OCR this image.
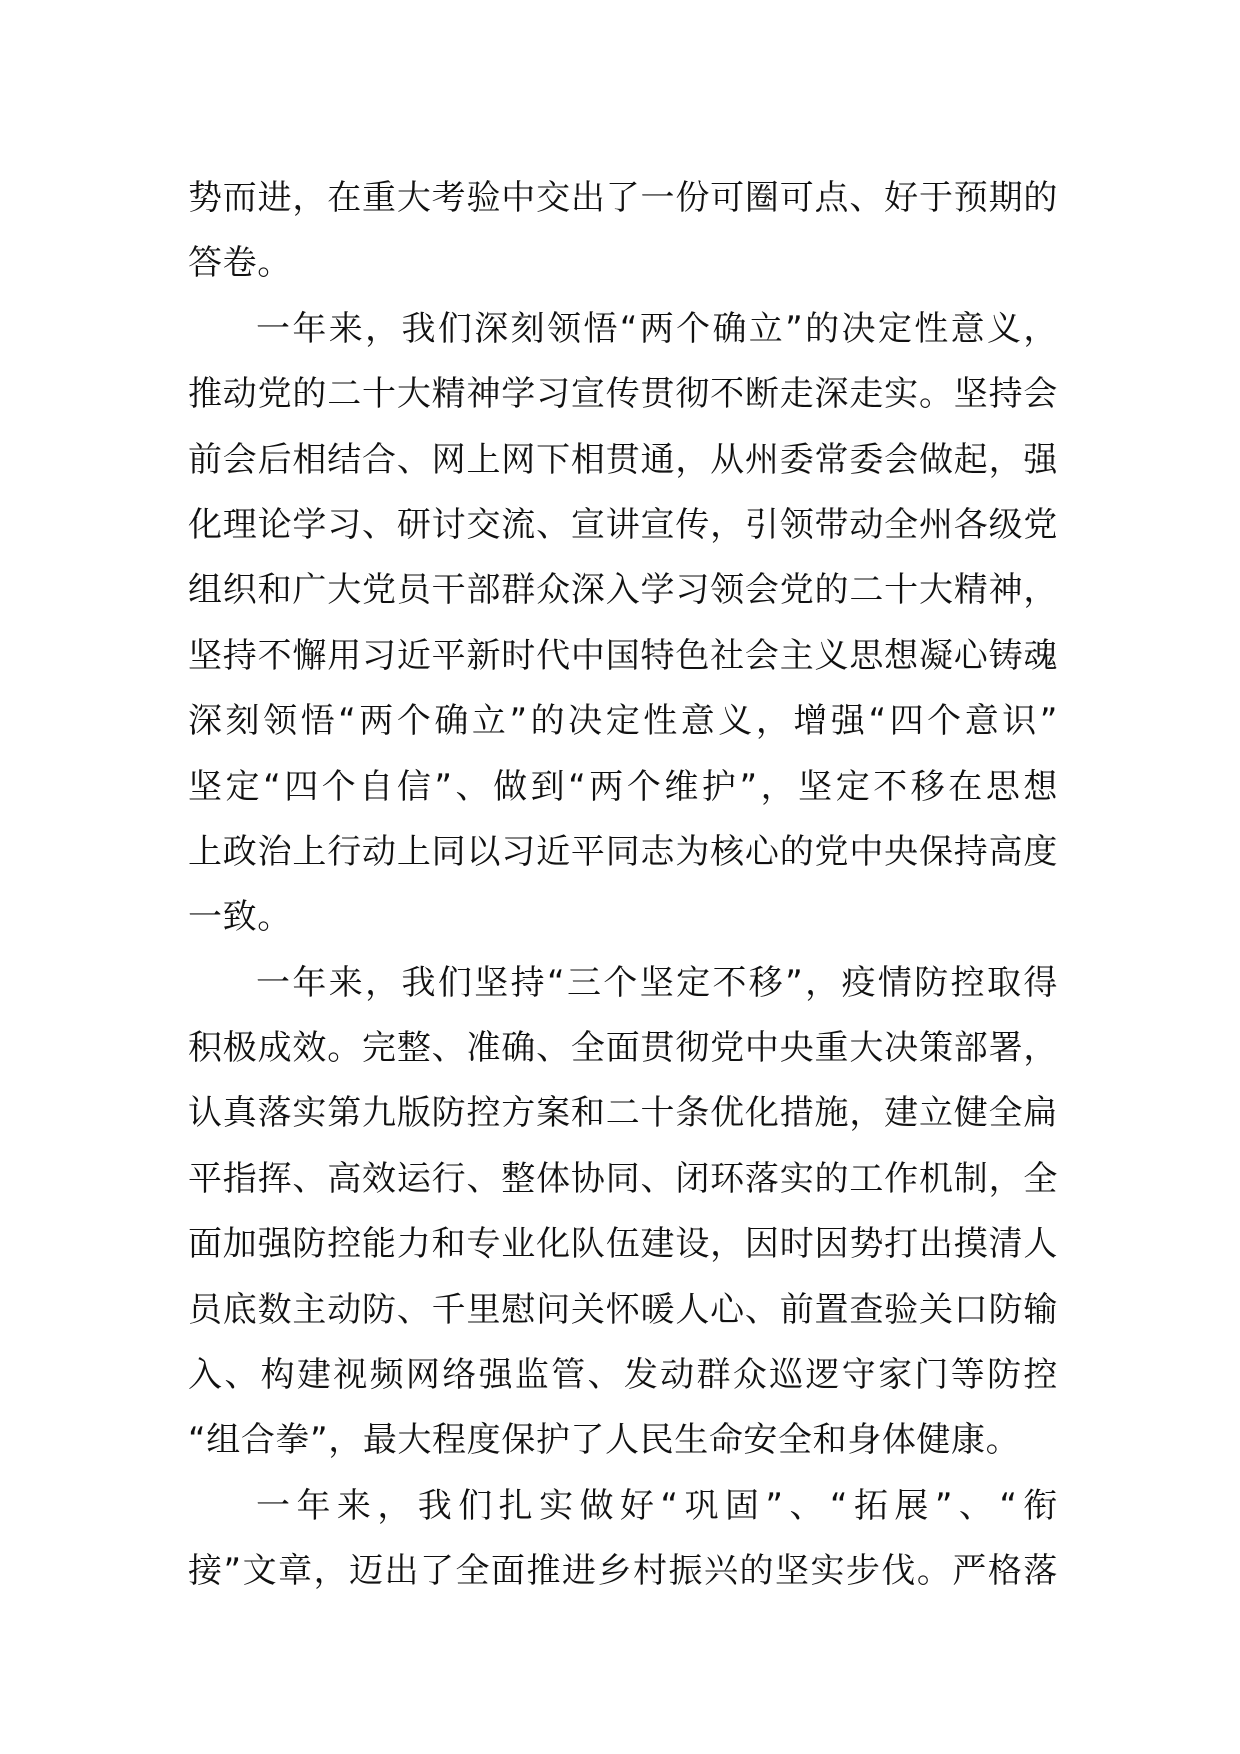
势而进，在重大考验中交出了一份可圈可点、好于预期的
答卷。
一年来，我们深刻领悟“两个确立”的决定性意义，
推动党的二十大精神学习宣传贯彻不断走深走实。坚持会
前会后相结合、网上网下相贯通，从州委常委会做起，强
化理论学习、研讨交流、宣讲宣传，引领带动全州各级党
组织和广大党员干部群众深入学习领会党的二十大精神，
坚持不懈用习近平新时代中国特色社会主义思想凝心铸魂
深刻领悟“两个确立”的决定性意义，增强“四个意识”
坚定“四个自信”、做到“两个维护”，坚定不移在思想
上政治上行动上同以习近平同志为核心的党中央保持高度
一致。
一年来，我们坚持“三个坚定不移”，疫情防控取得
积极成效。完整、准确、全面贯彻党中央重大决策部署，
认真落实第九版防控方案和二十条优化措施，建立健全扁
平指挥、高效运行、整体协同、闭环落实的工作机制，全
面加强防控能力和专业化队伍建设，因时因势打出摸清人
员底数主动防、千里慰问关怀暖人心、前置查验关口防输
入、构建视频网络强监管、发动群众巡逻守家门等防控
“组合拳”，最大程度保护了人民生命安全和身体健康。
一年来，我们扎实做好“巩固”、“拓展”、“衔
接”文章，迈出了全面推进乡村振兴的坚实步伐。严格落
